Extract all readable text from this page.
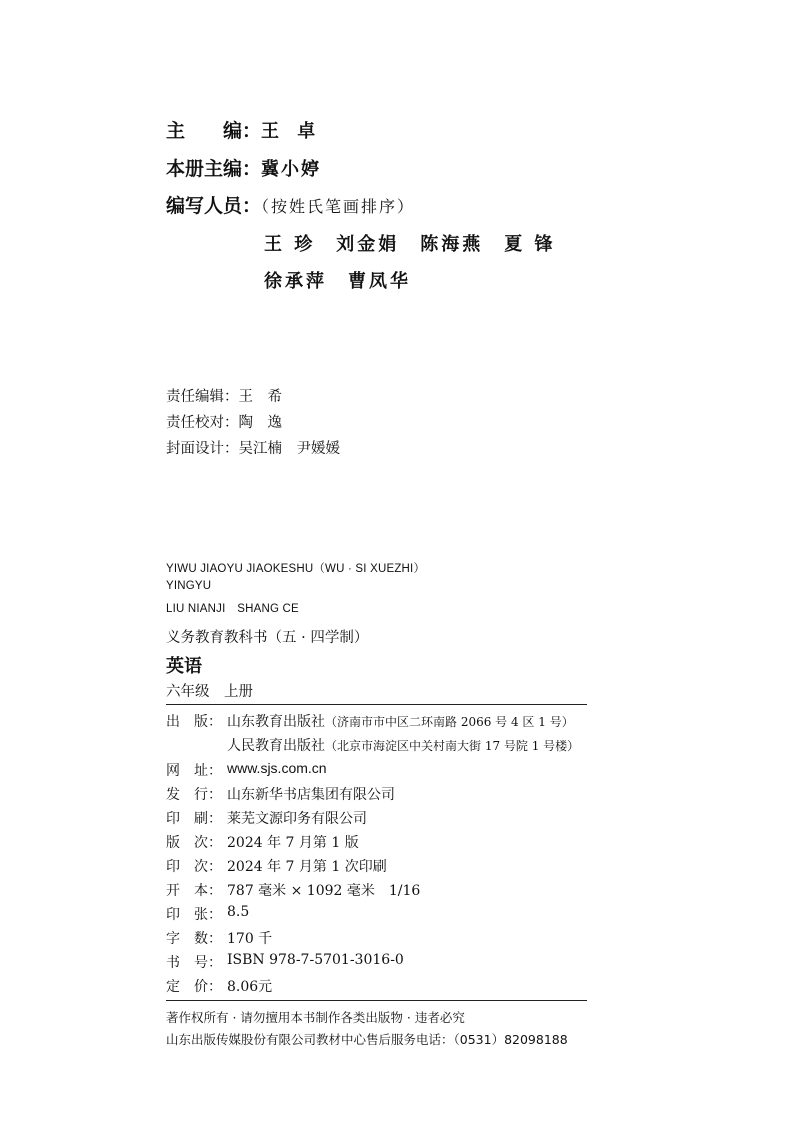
主　　编：王 卓
本册主编：冀小婷
编写人员：（按姓氏笔画排序）
王 珍　刘金娟　陈海燕　夏 锋
徐承萍　曹凤华
责任编辑：王　希
责任校对：陶　逸
封面设计：吴江楠　尹媛媛
YIWU JIAOYU JIAOKESHU（WU · SI XUEZHI）
YINGYU
LIU NIANJI　SHANG CE
义务教育教科书（五 · 四学制）
英语
六年级　上册
出　版： 山东教育出版社（济南市市中区二环南路 2066 号 4 区 1 号）
人民教育出版社（北京市海淀区中关村南大街 17 号院 1 号楼）
网　址： www.sjs.com.cn
发　行： 山东新华书店集团有限公司
印　刷： 莱芜文源印务有限公司
版　次： 2024 年 7 月第 1 版
印　次： 2024 年 7 月第 1 次印刷
开　本： 787 毫米 × 1092 毫米　1/16
印　张： 8.5
字　数： 170 千
书　号： ISBN 978-7-5701-3016-0
定　价： 8.06元
著作权所有 · 请勿擅用本书制作各类出版物 · 违者必究
山东出版传媒股份有限公司教材中心售后服务电话：（0531）82098188
